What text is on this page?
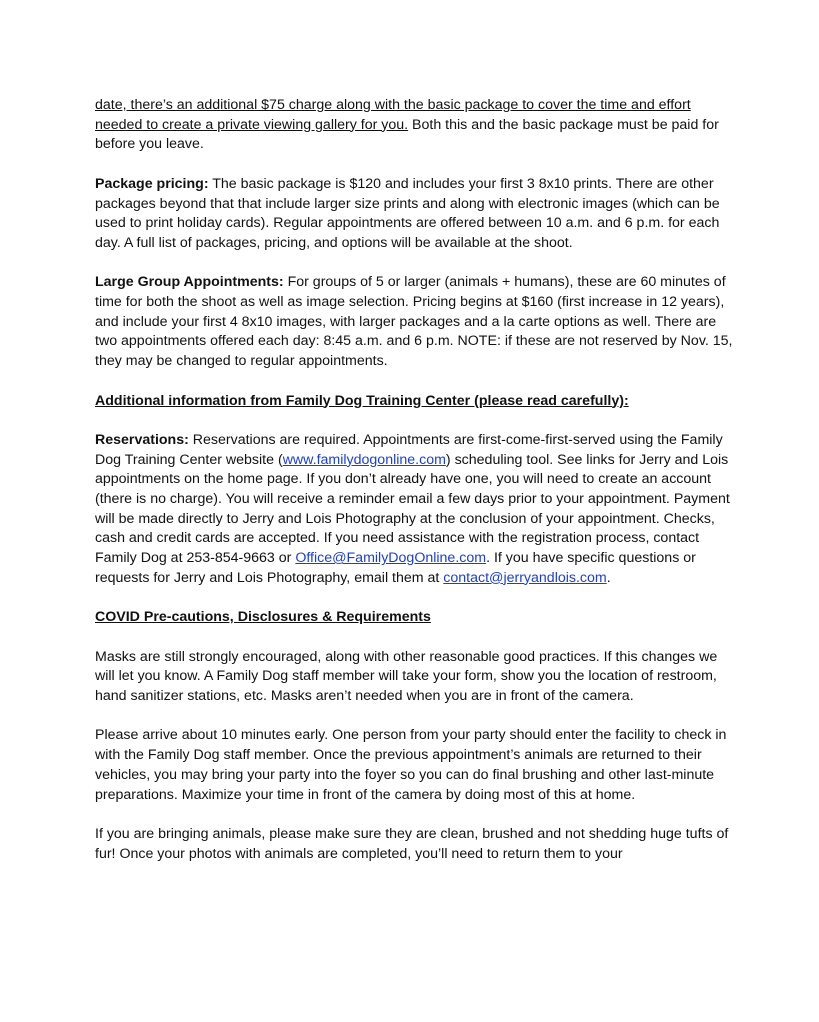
date, there’s an additional $75 charge along with the basic package to cover the time and effort needed to create a private viewing gallery for you. Both this and the basic package must be paid for before you leave.

Package pricing: The basic package is $120 and includes your first 3 8x10 prints. There are other packages beyond that that include larger size prints and along with electronic images (which can be used to print holiday cards). Regular appointments are offered between 10 a.m. and 6 p.m. for each day. A full list of packages, pricing, and options will be available at the shoot.

Large Group Appointments: For groups of 5 or larger (animals + humans), these are 60 minutes of time for both the shoot as well as image selection. Pricing begins at $160 (first increase in 12 years), and include your first 4 8x10 images, with larger packages and a la carte options as well. There are two appointments offered each day: 8:45 a.m. and 6 p.m. NOTE: if these are not reserved by Nov. 15, they may be changed to regular appointments.

Additional information from Family Dog Training Center (please read carefully):

Reservations: Reservations are required. Appointments are first-come-first-served using the Family Dog Training Center website (www.familydogonline.com) scheduling tool. See links for Jerry and Lois appointments on the home page. If you don’t already have one, you will need to create an account (there is no charge). You will receive a reminder email a few days prior to your appointment. Payment will be made directly to Jerry and Lois Photography at the conclusion of your appointment. Checks, cash and credit cards are accepted. If you need assistance with the registration process, contact Family Dog at 253-854-9663 or Office@FamilyDogOnline.com. If you have specific questions or requests for Jerry and Lois Photography, email them at contact@jerryandlois.com.

COVID Pre-cautions, Disclosures & Requirements

Masks are still strongly encouraged, along with other reasonable good practices. If this changes we will let you know. A Family Dog staff member will take your form, show you the location of restroom, hand sanitizer stations, etc. Masks aren’t needed when you are in front of the camera.

Please arrive about 10 minutes early. One person from your party should enter the facility to check in with the Family Dog staff member. Once the previous appointment’s animals are returned to their vehicles, you may bring your party into the foyer so you can do final brushing and other last-minute preparations. Maximize your time in front of the camera by doing most of this at home.

If you are bringing animals, please make sure they are clean, brushed and not shedding huge tufts of fur! Once your photos with animals are completed, you’ll need to return them to your
